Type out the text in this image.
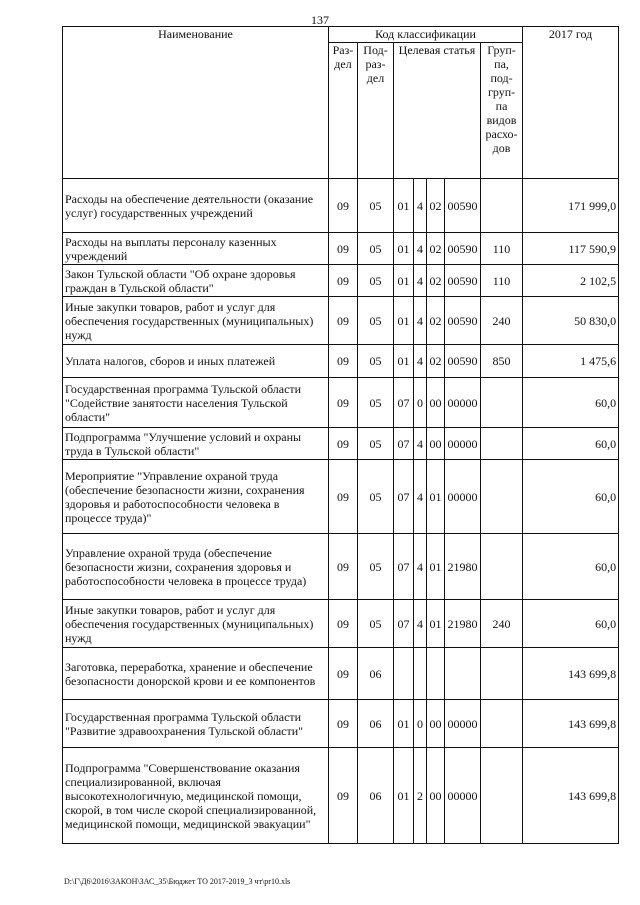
137
Наименование	Код классификации							2017 год
	Раз- дел	Под- раз- дел	Целевая статья				Груп- па, под- груп- па видов расхо- дов	
Расходы на обеспечение деятельности (оказание услуг) государственных учреждений	09	05	01	4	02	00590		171 999,0
Расходы на выплаты персоналу казенных учреждений	09	05	01	4	02	00590	110	117 590,9
Закон Тульской области "Об охране здоровья граждан в Тульской области"	09	05	01	4	02	00590	110	2 102,5
Иные закупки товаров, работ и услуг для обеспечения государственных (муниципальных) нужд	09	05	01	4	02	00590	240	50 830,0
Уплата налогов, сборов и иных платежей	09	05	01	4	02	00590	850	1 475,6
Государственная программа Тульской области "Содействие занятости населения Тульской области"	09	05	07	0	00	00000		60,0
Подпрограмма "Улучшение условий и охраны труда в Тульской области"	09	05	07	4	00	00000		60,0
Мероприятие "Управление охраной труда (обеспечение безопасности жизни, сохранения здоровья и работоспособности человека в процессе труда)"	09	05	07	4	01	00000		60,0
Управление охраной труда (обеспечение безопасности жизни, сохранения здоровья и работоспособности человека в процессе труда)	09	05	07	4	01	21980		60,0
Иные закупки товаров, работ и услуг для обеспечения государственных (муниципальных) нужд	09	05	07	4	01	21980	240	60,0
Заготовка, переработка, хранение и обеспечение безопасности донорской крови и ее компонентов	09	06						143 699,8
Государственная программа Тульской области "Развитие здравоохранения Тульской области"	09	06	01	0	00	00000		143 699,8
Подпрограмма "Совершенствование оказания специализированной, включая высокотехнологичную, медицинской помощи, скорой, в том числе скорой специализированной, медицинской помощи, медицинской эвакуации"	09	06	01	2	00	00000		143 699,8
D:\Г\Д6\2016\ЗАКОН\ЗАС_35\Бюджет ТО 2017-2019_3 чт\pr10.xls
